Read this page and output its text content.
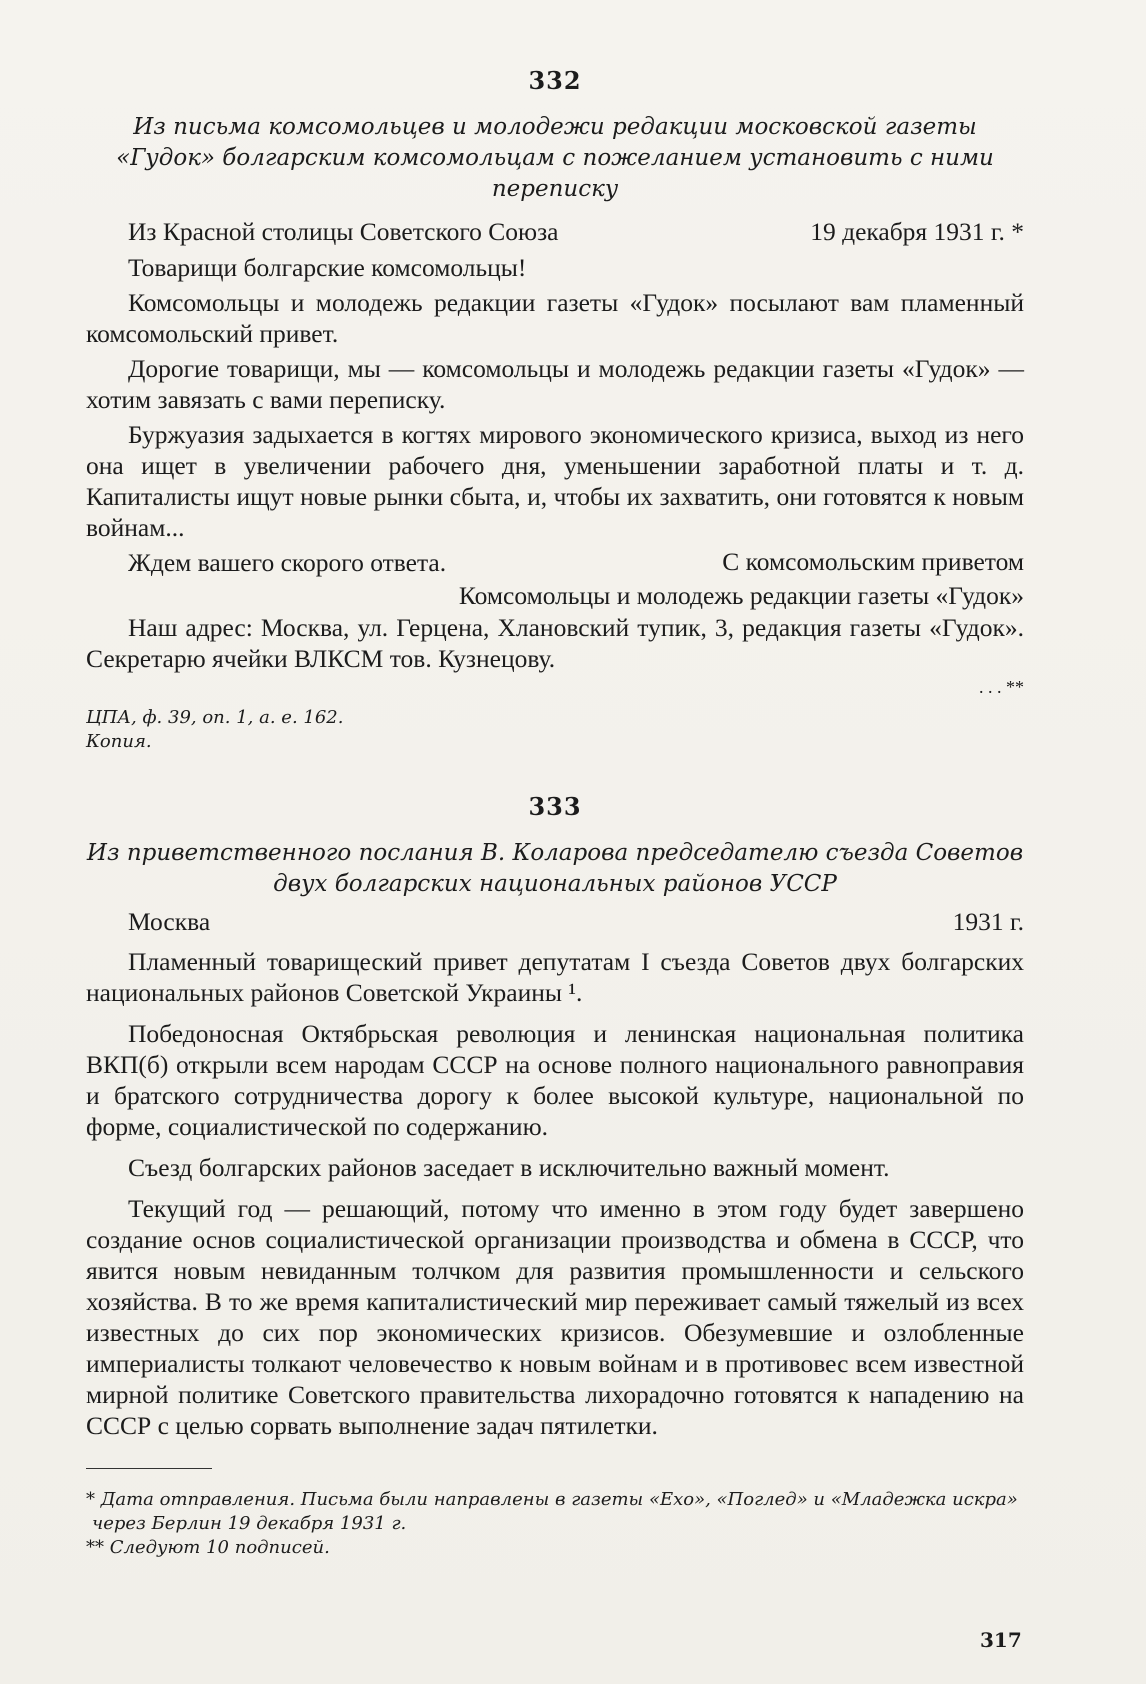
332
Из письма комсомольцев и молодежи редакции московской газеты «Гудок» болгарским комсомольцам с пожеланием установить с ними переписку
Из Красной столицы Советского Союза	19 декабря 1931 г. *

Товарищи болгарские комсомольцы!

Комсомольцы и молодежь редакции газеты «Гудок» посылают вам пламенный комсомольский привет.

Дорогие товарищи, мы — комсомольцы и молодежь редакции газеты «Гудок» — хотим завязать с вами переписку.

Буржуазия задыхается в когтях мирового экономического кризиса, выход из него она ищет в увеличении рабочего дня, уменьшении заработной платы и т. д. Капиталисты ищут новые рынки сбыта, и, чтобы их захватить, они готовятся к новым войнам...

Ждем вашего скорого ответа.	С комсомольским приветом
Комсомольцы и молодежь редакции газеты «Гудок»

Наш адрес: Москва, ул. Герцена, Хлановский тупик, 3, редакция газеты «Гудок». Секретарю ячейки ВЛКСМ тов. Кузнецову.

. . . **
ЦПА, ф. 39, оп. 1, а. е. 162.
Копия.
333
Из приветственного послания В. Коларова председателю съезда Советов двух болгарских национальных районов УССР
Москва	1931 г.

Пламенный товарищеский привет депутатам I съезда Советов двух болгарских национальных районов Советской Украины ¹.

Победоносная Октябрьская революция и ленинская национальная политика ВКП(б) открыли всем народам СССР на основе полного национального равноправия и братского сотрудничества дорогу к более высокой культуре, национальной по форме, социалистической по содержанию.

Съезд болгарских районов заседает в исключительно важный момент.

Текущий год — решающий, потому что именно в этом году будет завершено создание основ социалистической организации производства и обмена в СССР, что явится новым невиданным толчком для развития промышленности и сельского хозяйства. В то же время капиталистический мир переживает самый тяжелый из всех известных до сих пор экономических кризисов. Обезумевшие и озлобленные империалисты толкают человечество к новым войнам и в противовес всем известной мирной политике Советского правительства лихорадочно готовятся к нападению на СССР с целью сорвать выполнение задач пятилетки.

* Дата отправления. Письма были направлены в газеты «Ехо», «Поглед» и «Младежка искра» через Берлин 19 декабря 1931 г.
** Следуют 10 подписей.
317
